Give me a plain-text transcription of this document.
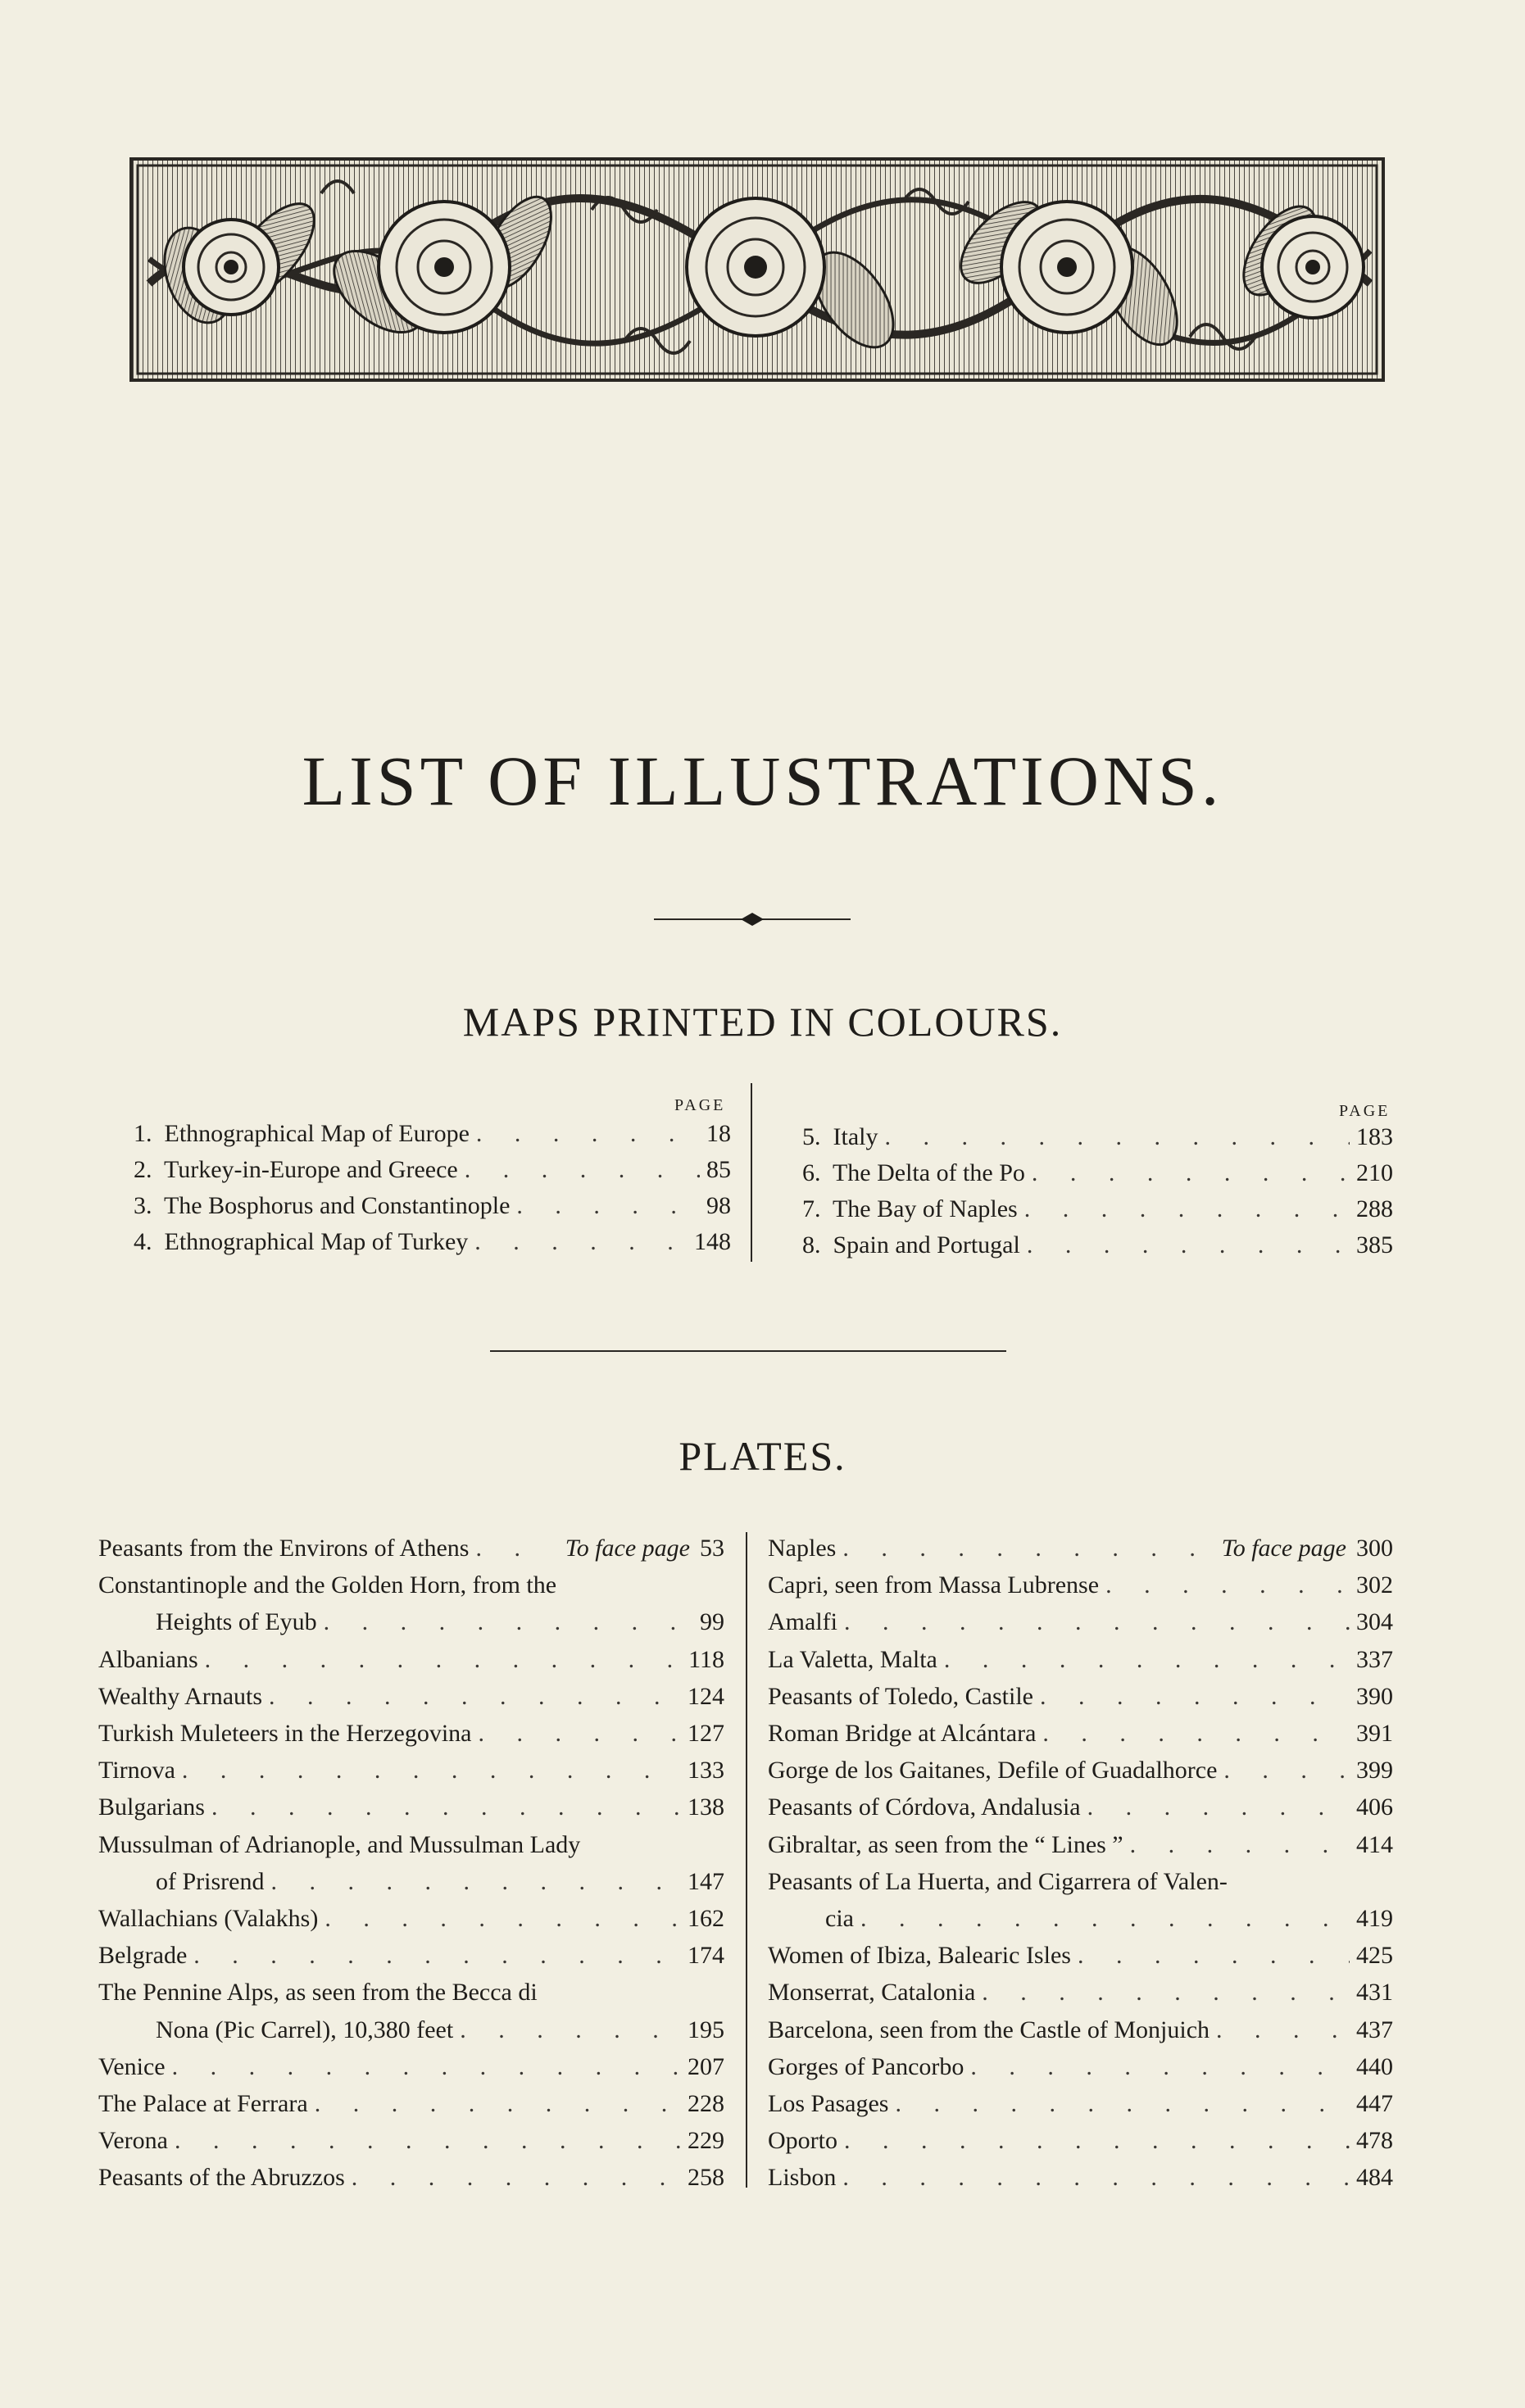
LIST OF ILLUSTRATIONS.
MAPS PRINTED IN COLOURS.
PAGE	PAGE
1.  Ethnographical Map of Europe . . .	18
2.  Turkey-in-Europe and Greece . . .	85
3.  The Bosphorus and Constantinople . . .	98
4.  Ethnographical Map of Turkey . . .	148
5.  Italy . . .	183
6.  The Delta of the Po . . .	210
7.  The Bay of Naples . . .	288
8.  Spain and Portugal . . .	385
PLATES.
Peasants from the Environs of Athens . . .	To face page 53
Constantinople and the Golden Horn, from the
Heights of Eyub . . .	99
Albanians . . .	118
Wealthy Arnauts . . .	124
Turkish Muleteers in the Herzegovina . . .	127
Tirnova . . .	133
Bulgarians . . .	138
Mussulman of Adrianople, and Mussulman Lady
of Prisrend . . .	147
Wallachians (Valakhs) . . .	162
Belgrade . . .	174
The Pennine Alps, as seen from the Becca di
Nona (Pic Carrel), 10,380 feet . . .	195
Venice . . .	207
The Palace at Ferrara . . .	228
Verona . . .	229
Peasants of the Abruzzos . . .	258
Naples . . .	To face page 300
Capri, seen from Massa Lubrense . . .	302
Amalfi . . .	304
La Valetta, Malta . . .	337
Peasants of Toledo, Castile . . .	390
Roman Bridge at Alcántara . . .	391
Gorge de los Gaitanes, Defile of Guadalhorce . . .	399
Peasants of Córdova, Andalusia . . .	406
Gibraltar, as seen from the “ Lines ” . . .	414
Peasants of La Huerta, and Cigarrera of Valen-
cia . . .	419
Women of Ibiza, Balearic Isles . . .	425
Monserrat, Catalonia . . .	431
Barcelona, seen from the Castle of Monjuich . . .	437
Gorges of Pancorbo . . .	440
Los Pasages . . .	447
Oporto . . .	478
Lisbon . . .	484
